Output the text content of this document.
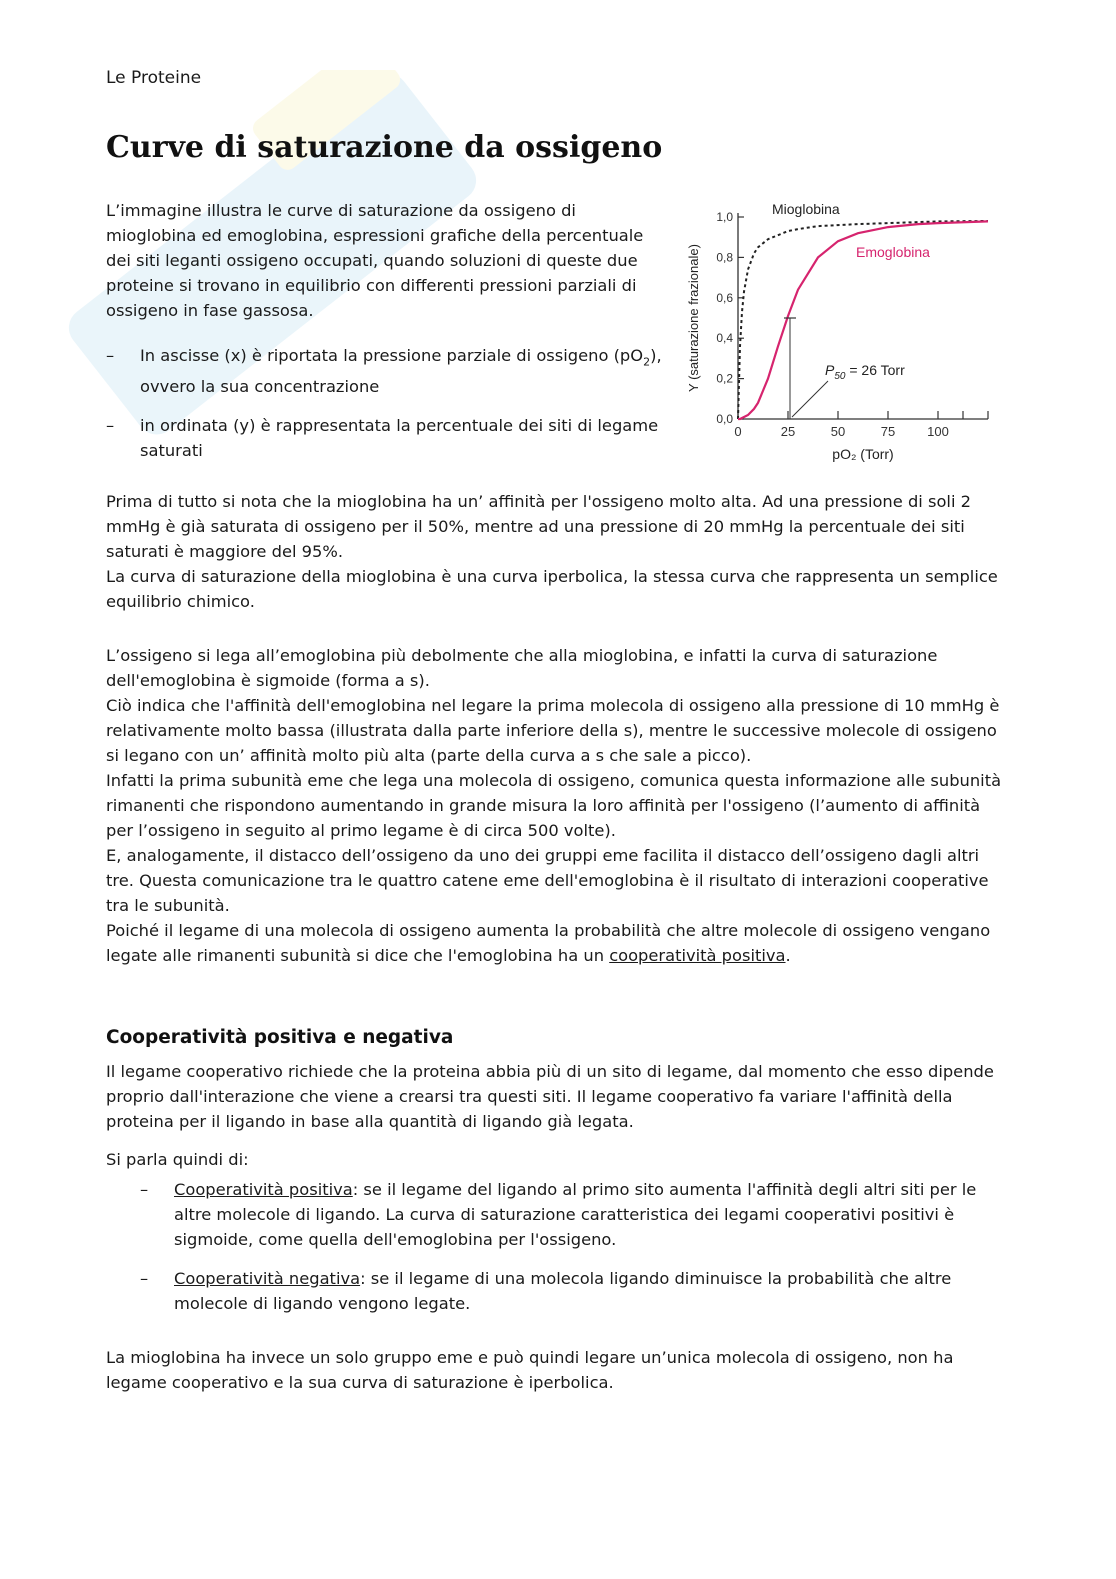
Le Proteine
Curve di saturazione da ossigeno

L’immagine illustra le curve di saturazione da ossigeno di mioglobina ed emoglobina, espressioni grafiche della percentuale dei siti leganti ossigeno occupati, quando soluzioni di queste due proteine si trovano in equilibrio con differenti pressioni parziali di ossigeno in fase gassosa.

– In ascisse (x) è riportata la pressione parziale di ossigeno $(pO_2)$, ovvero la sua concentrazione
– in ordinata (y) è rappresentata la percentuale dei siti di legame saturati
0	25	50	75 100
0,0
0,2
0,4
0,6
0,8
1,0	Mioglobina
Emoglobina
$P_{50} = 26$ Torr
pO₂ (Torr)
Y (saturazione frazionale)

Prima di tutto si nota che la mioglobina ha un’ affinità per l'ossigeno molto alta. Ad una pressione di soli 2 mmHg è già saturata di ossigeno per il 50%, mentre ad una pressione di 20 mmHg la percentuale dei siti saturati è maggiore del 95%.

La curva di saturazione della mioglobina è una curva iperbolica, la stessa curva che rappresenta un semplice equilibrio chimico.

L’ossigeno si lega all’emoglobina più debolmente che alla mioglobina, e infatti la curva di saturazione dell'emoglobina è sigmoide (forma a s).

Ciò indica che l'affinità dell'emoglobina nel legare la prima molecola di ossigeno alla pressione di 10 mmHg è relativamente molto bassa (illustrata dalla parte inferiore della s), mentre le successive molecole di ossigeno si legano con un’ affinità molto più alta (parte della curva a s che sale a picco).

Infatti la prima subunità eme che lega una molecola di ossigeno, comunica questa informazione alle subunità rimanenti che rispondono aumentando in grande misura la loro affinità per l'ossigeno (l’aumento di affinità per l’ossigeno in seguito al primo legame è di circa 500 volte).

E, analogamente, il distacco dell’ossigeno da uno dei gruppi eme facilita il distacco dell’ossigeno dagli altri tre. Questa comunicazione tra le quattro catene eme dell'emoglobina è il risultato di interazioni cooperative tra le subunità.

Poiché il legame di una molecola di ossigeno aumenta la probabilità che altre molecole di ossigeno vengano legate alle rimanenti subunità si dice che l'emoglobina ha un cooperatività positiva.

Cooperatività positiva e negativa

Il legame cooperativo richiede che la proteina abbia più di un sito di legame, dal momento che esso dipende proprio dall'interazione che viene a crearsi tra questi siti. Il legame cooperativo fa variare l'affinità della proteina per il ligando in base alla quantità di ligando già legata.

Si parla quindi di:

– Cooperatività positiva: se il legame del ligando al primo sito aumenta l'affinità degli altri siti per le altre molecole di ligando. La curva di saturazione caratteristica dei legami cooperativi positivi è sigmoide, come quella dell'emoglobina per l'ossigeno.
– Cooperatività negativa: se il legame di una molecola ligando diminuisce la probabilità che altre molecole di ligando vengono legate.

La mioglobina ha invece un solo gruppo eme e può quindi legare un’unica molecola di ossigeno, non ha legame cooperativo e la sua curva di saturazione è iperbolica.
